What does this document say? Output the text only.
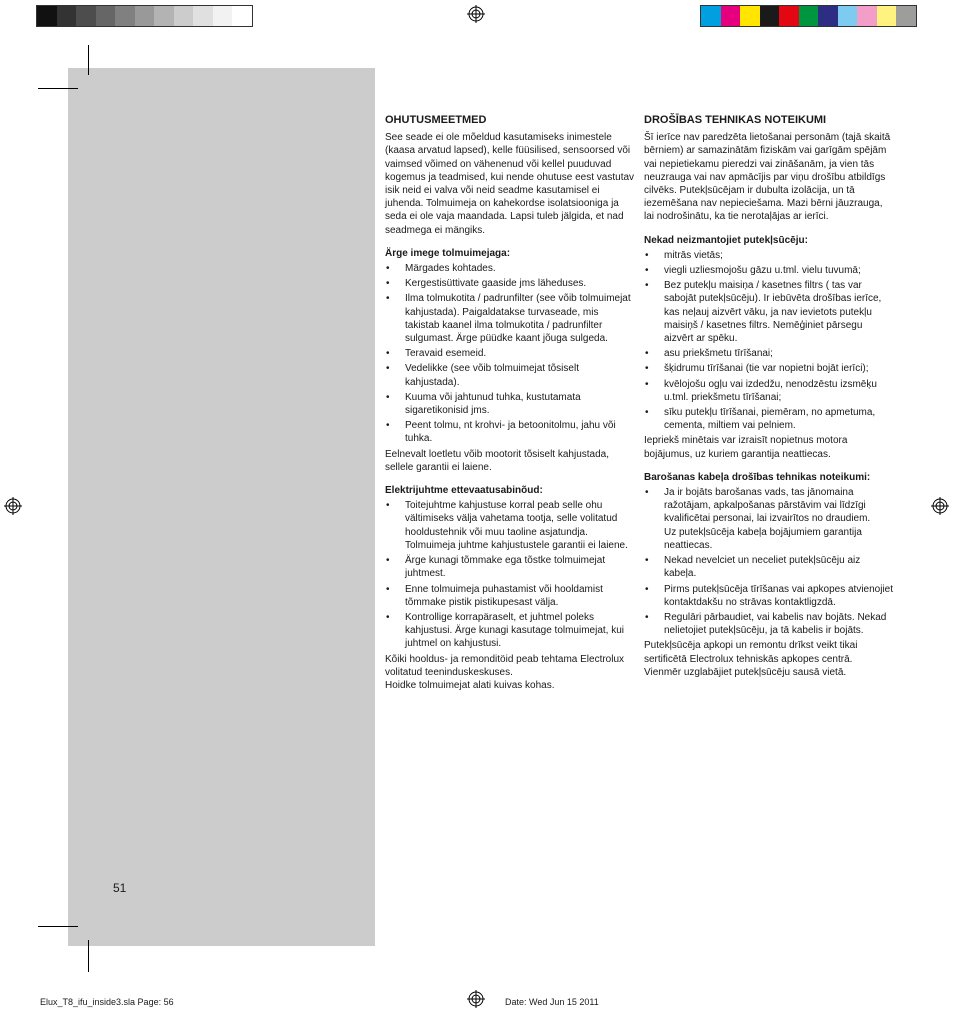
OHUTUSMEETMED

See seade ei ole mõeldud kasutamiseks inimestele (kaasa arvatud lapsed), kelle füüsilised, sensoorsed või vaimsed võimed on vähenenud või kellel puuduvad kogemus ja teadmised, kui nende ohutuse eest vastutav isik neid ei valva või neid seadme kasutamisel ei juhenda. Tolmuimeja on kahekordse isolatsiooniga ja seda ei ole vaja maandada. Lapsi tuleb jälgida, et nad seadmega ei mängiks.

Ärge imege tolmuimejaga:
• Märgades kohtades.
• Kergestisüttivate gaaside jms läheduses.
• Ilma tolmukotita / padrunfilter (see võib tolmuimejat kahjustada). Paigaldatakse turvaseade, mis takistab kaanel ilma tolmukotita / padrunfilter sulgumast. Ärge püüdke kaant jõuga sulgeda.
• Teravaid esemeid.
• Vedelikke (see võib tolmuimejat tõsiselt kahjustada).
• Kuuma või jahtunud tuhka, kustutamata sigaretikonisid jms.
• Peent tolmu, nt krohvi- ja betoonitolmu, jahu või tuhka.

Eelnevalt loetletu võib mootorit tõsiselt kahjustada, sellele garantii ei laiene.

Elektrijuhtme ettevaatusabinõud:
• Toitejuhtme kahjustuse korral peab selle ohu vältimiseks välja vahetama tootja, selle volitatud hooldustehnik või muu taoline asjatundja.
Tolmuimeja juhtme kahjustustele garantii ei laiene.
• Ärge kunagi tõmmake ega tõstke tolmuimejat juhtmest.
• Enne tolmuimeja puhastamist või hooldamist tõmmake pistik pistikupesast välja.
• Kontrollige korrapäraselt, et juhtmel poleks kahjustusi. Ärge kunagi kasutage tolmuimejat, kui juhtmel on kahjustusi.

Kõiki hooldus- ja remonditöid peab tehtama Electrolux volitatud teeninduskeskuses.

Hoidke tolmuimejat alati kuivas kohas.

DROŠĪBAS TEHNIKAS NOTEIKUMI

Šī ierīce nav paredzēta lietošanai personām (tajā skaitā bērniem) ar samazinātām fiziskām vai garīgām spējām vai nepietiekamu pieredzi vai zināšanām, ja vien tās neuzrauga vai nav apmācījis par viņu drošību atbildīgs cilvēks. Putekļsūcējam ir dubulta izolācija, un tā iezemēšana nav nepieciešama. Mazi bērni jāuzrauga, lai nodrošinātu, ka tie nerotaļājas ar ierīci.

Nekad neizmantojiet putekļsūcēju:
• mitrās vietās;
• viegli uzliesmojošu gāzu u.tml. vielu tuvumā;
• Bez putekļu maisiņa / kasetnes filtrs ( tas var sabojāt putekļsūcēju). Ir iebūvēta drošības ierīce, kas neļauj aizvērt vāku, ja nav ievietots putekļu maisiņš / kasetnes filtrs. Nemēģiniet pārsegu aizvērt ar spēku.
• asu priekšmetu tīrīšanai;
• šķidrumu tīrīšanai (tie var nopietni bojāt ierīci);
• kvēlojošu ogļu vai izdedžu, nenodzēstu izsmēķu u.tml. priekšmetu tīrīšanai;
• sīku putekļu tīrīšanai, piemēram, no apmetuma, cementa, miltiem vai pelniem.

Iepriekš minētais var izraisīt nopietnus motora bojājumus, uz kuriem garantija neattiecas.

Barošanas kabeļa drošības tehnikas noteikumi:
• Ja ir bojāts barošanas vads, tas jānomaina ražotājam, apkalpošanas pārstāvim vai līdzīgi kvalificētai personai, lai izvairītos no draudiem.
Uz putekļsūcēja kabeļa bojājumiem garantija neattiecas.
• Nekad nevelciet un neceliet putekļsūcēju aiz kabeļa.
• Pirms putekļsūcēja tīrīšanas vai apkopes atvienojiet kontaktdakšu no strāvas kontaktligzdā.
• Regulāri pārbaudiet, vai kabelis nav bojāts. Nekad nelietojiet putekļsūcēju, ja tā kabelis ir bojāts.

Putekļsūcēja apkopi un remontu drīkst veikt tikai sertificētā Electrolux tehniskās apkopes centrā.

Vienmēr uzglabājiet putekļsūcēju sausā vietā.

51
Elux_T8_ifu_inside3.sla Page: 56	Date: Wed Jun 15 2011
